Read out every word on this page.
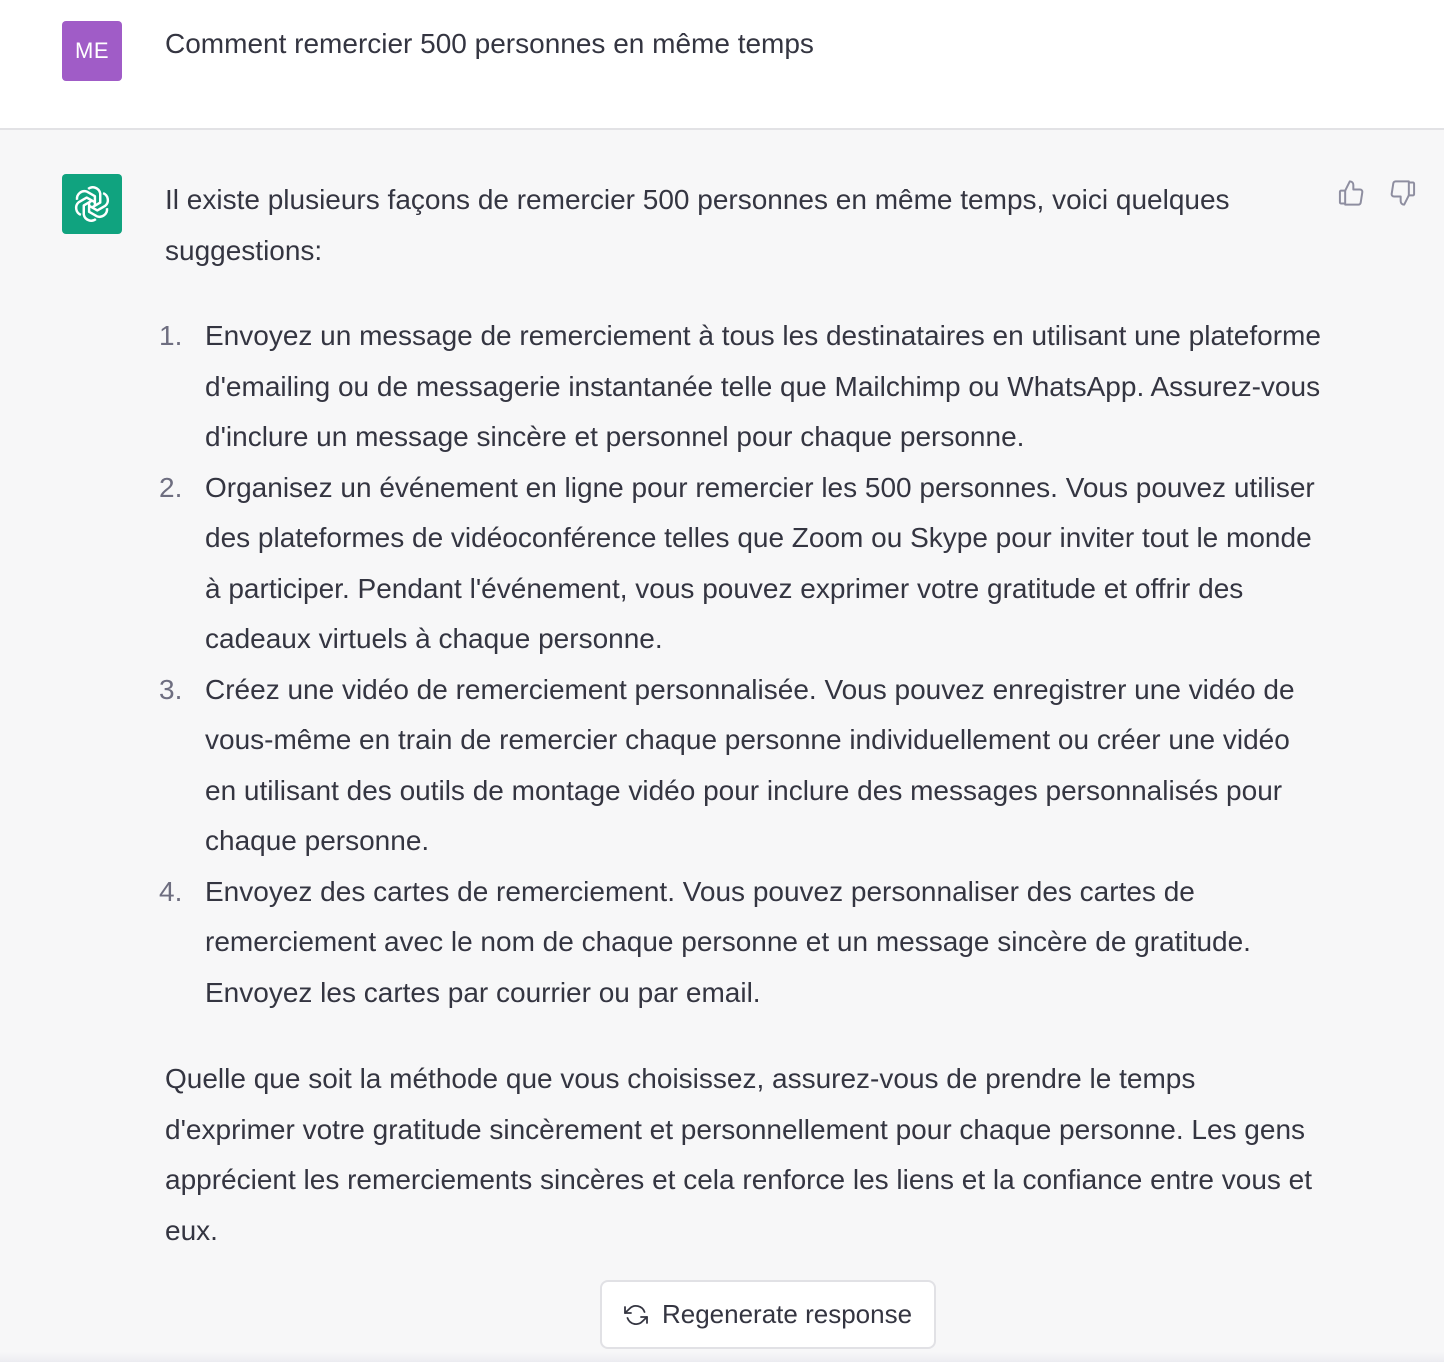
ME	Comment remercier 500 personnes en même temps

Il existe plusieurs façons de remercier 500 personnes en même temps, voici quelques suggestions:

1. Envoyez un message de remerciement à tous les destinataires en utilisant une plateforme d'emailing ou de messagerie instantanée telle que Mailchimp ou WhatsApp. Assurez-vous d'inclure un message sincère et personnel pour chaque personne.
2. Organisez un événement en ligne pour remercier les 500 personnes. Vous pouvez utiliser des plateformes de vidéoconférence telles que Zoom ou Skype pour inviter tout le monde à participer. Pendant l'événement, vous pouvez exprimer votre gratitude et offrir des cadeaux virtuels à chaque personne.
3. Créez une vidéo de remerciement personnalisée. Vous pouvez enregistrer une vidéo de vous-même en train de remercier chaque personne individuellement ou créer une vidéo en utilisant des outils de montage vidéo pour inclure des messages personnalisés pour chaque personne.
4. Envoyez des cartes de remerciement. Vous pouvez personnaliser des cartes de remerciement avec le nom de chaque personne et un message sincère de gratitude. Envoyez les cartes par courrier ou par email.

Quelle que soit la méthode que vous choisissez, assurez-vous de prendre le temps d'exprimer votre gratitude sincèrement et personnellement pour chaque personne. Les gens apprécient les remerciements sincères et cela renforce les liens et la confiance entre vous et eux.

Regenerate response
